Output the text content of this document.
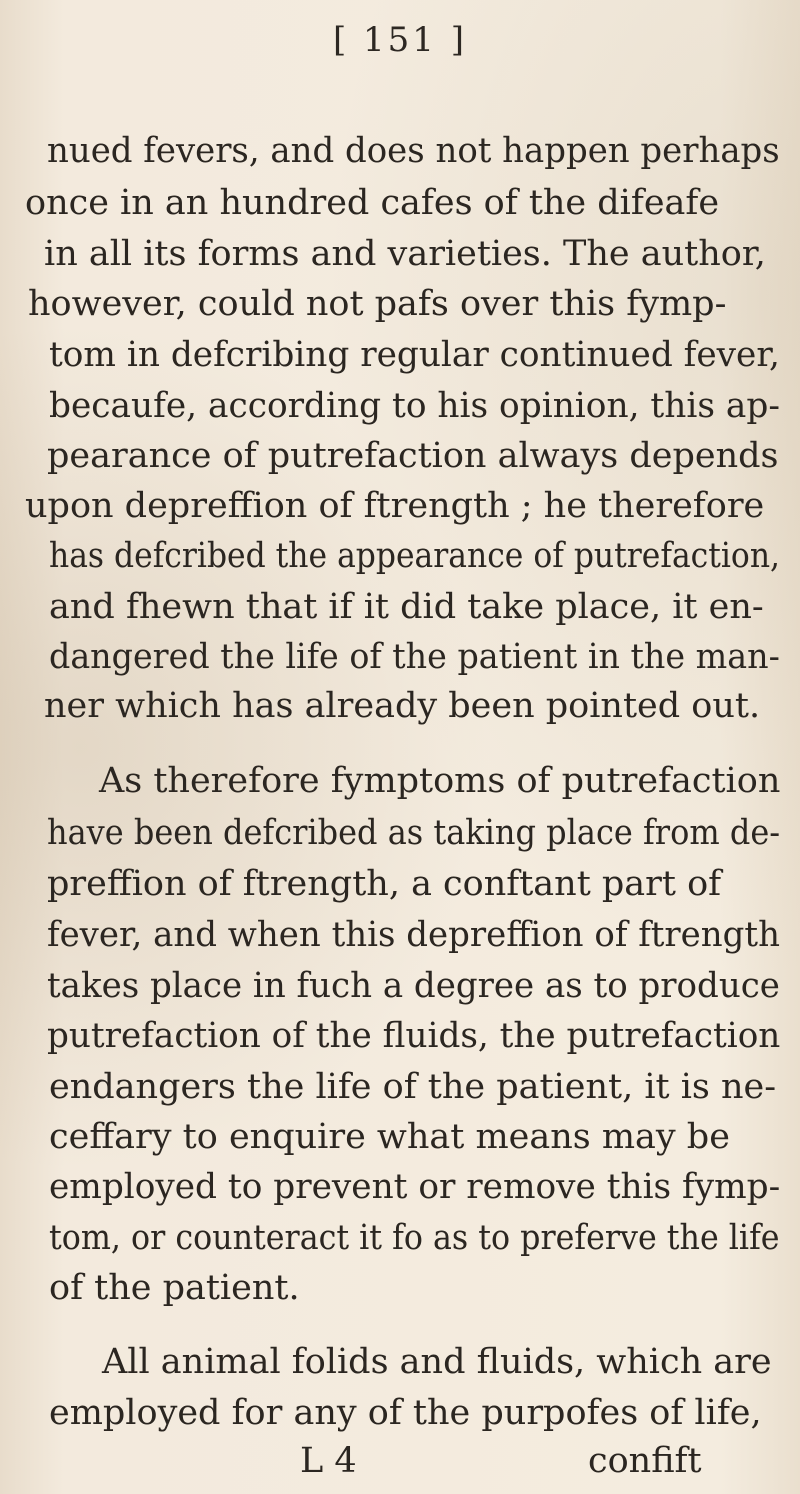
[ 151 ]
nued fevers, and does not happen perhaps
once in an hundred cafes of the difeafe
in all its forms and varieties. The author,
however, could not pafs over this fymp-
tom in defcribing regular continued fever,
becaufe, according to his opinion, this ap-
pearance of putrefaction always depends
upon depreffion of ftrength ; he therefore
has defcribed the appearance of putrefaction,
and fhewn that if it did take place, it en-
dangered the life of the patient in the man-
ner which has already been pointed out.
As therefore fymptoms of putrefaction
have been defcribed as taking place from de-
preffion of ftrength, a conftant part of
fever, and when this depreffion of ftrength
takes place in fuch a degree as to produce
putrefaction of the fluids, the putrefaction
endangers the life of the patient, it is ne-
ceffary to enquire what means may be
employed to prevent or remove this fymp-
tom, or counteract it fo as to preferve the life
of the patient.
All animal folids and fluids, which are
employed for any of the purpofes of life,
L 4	confift
